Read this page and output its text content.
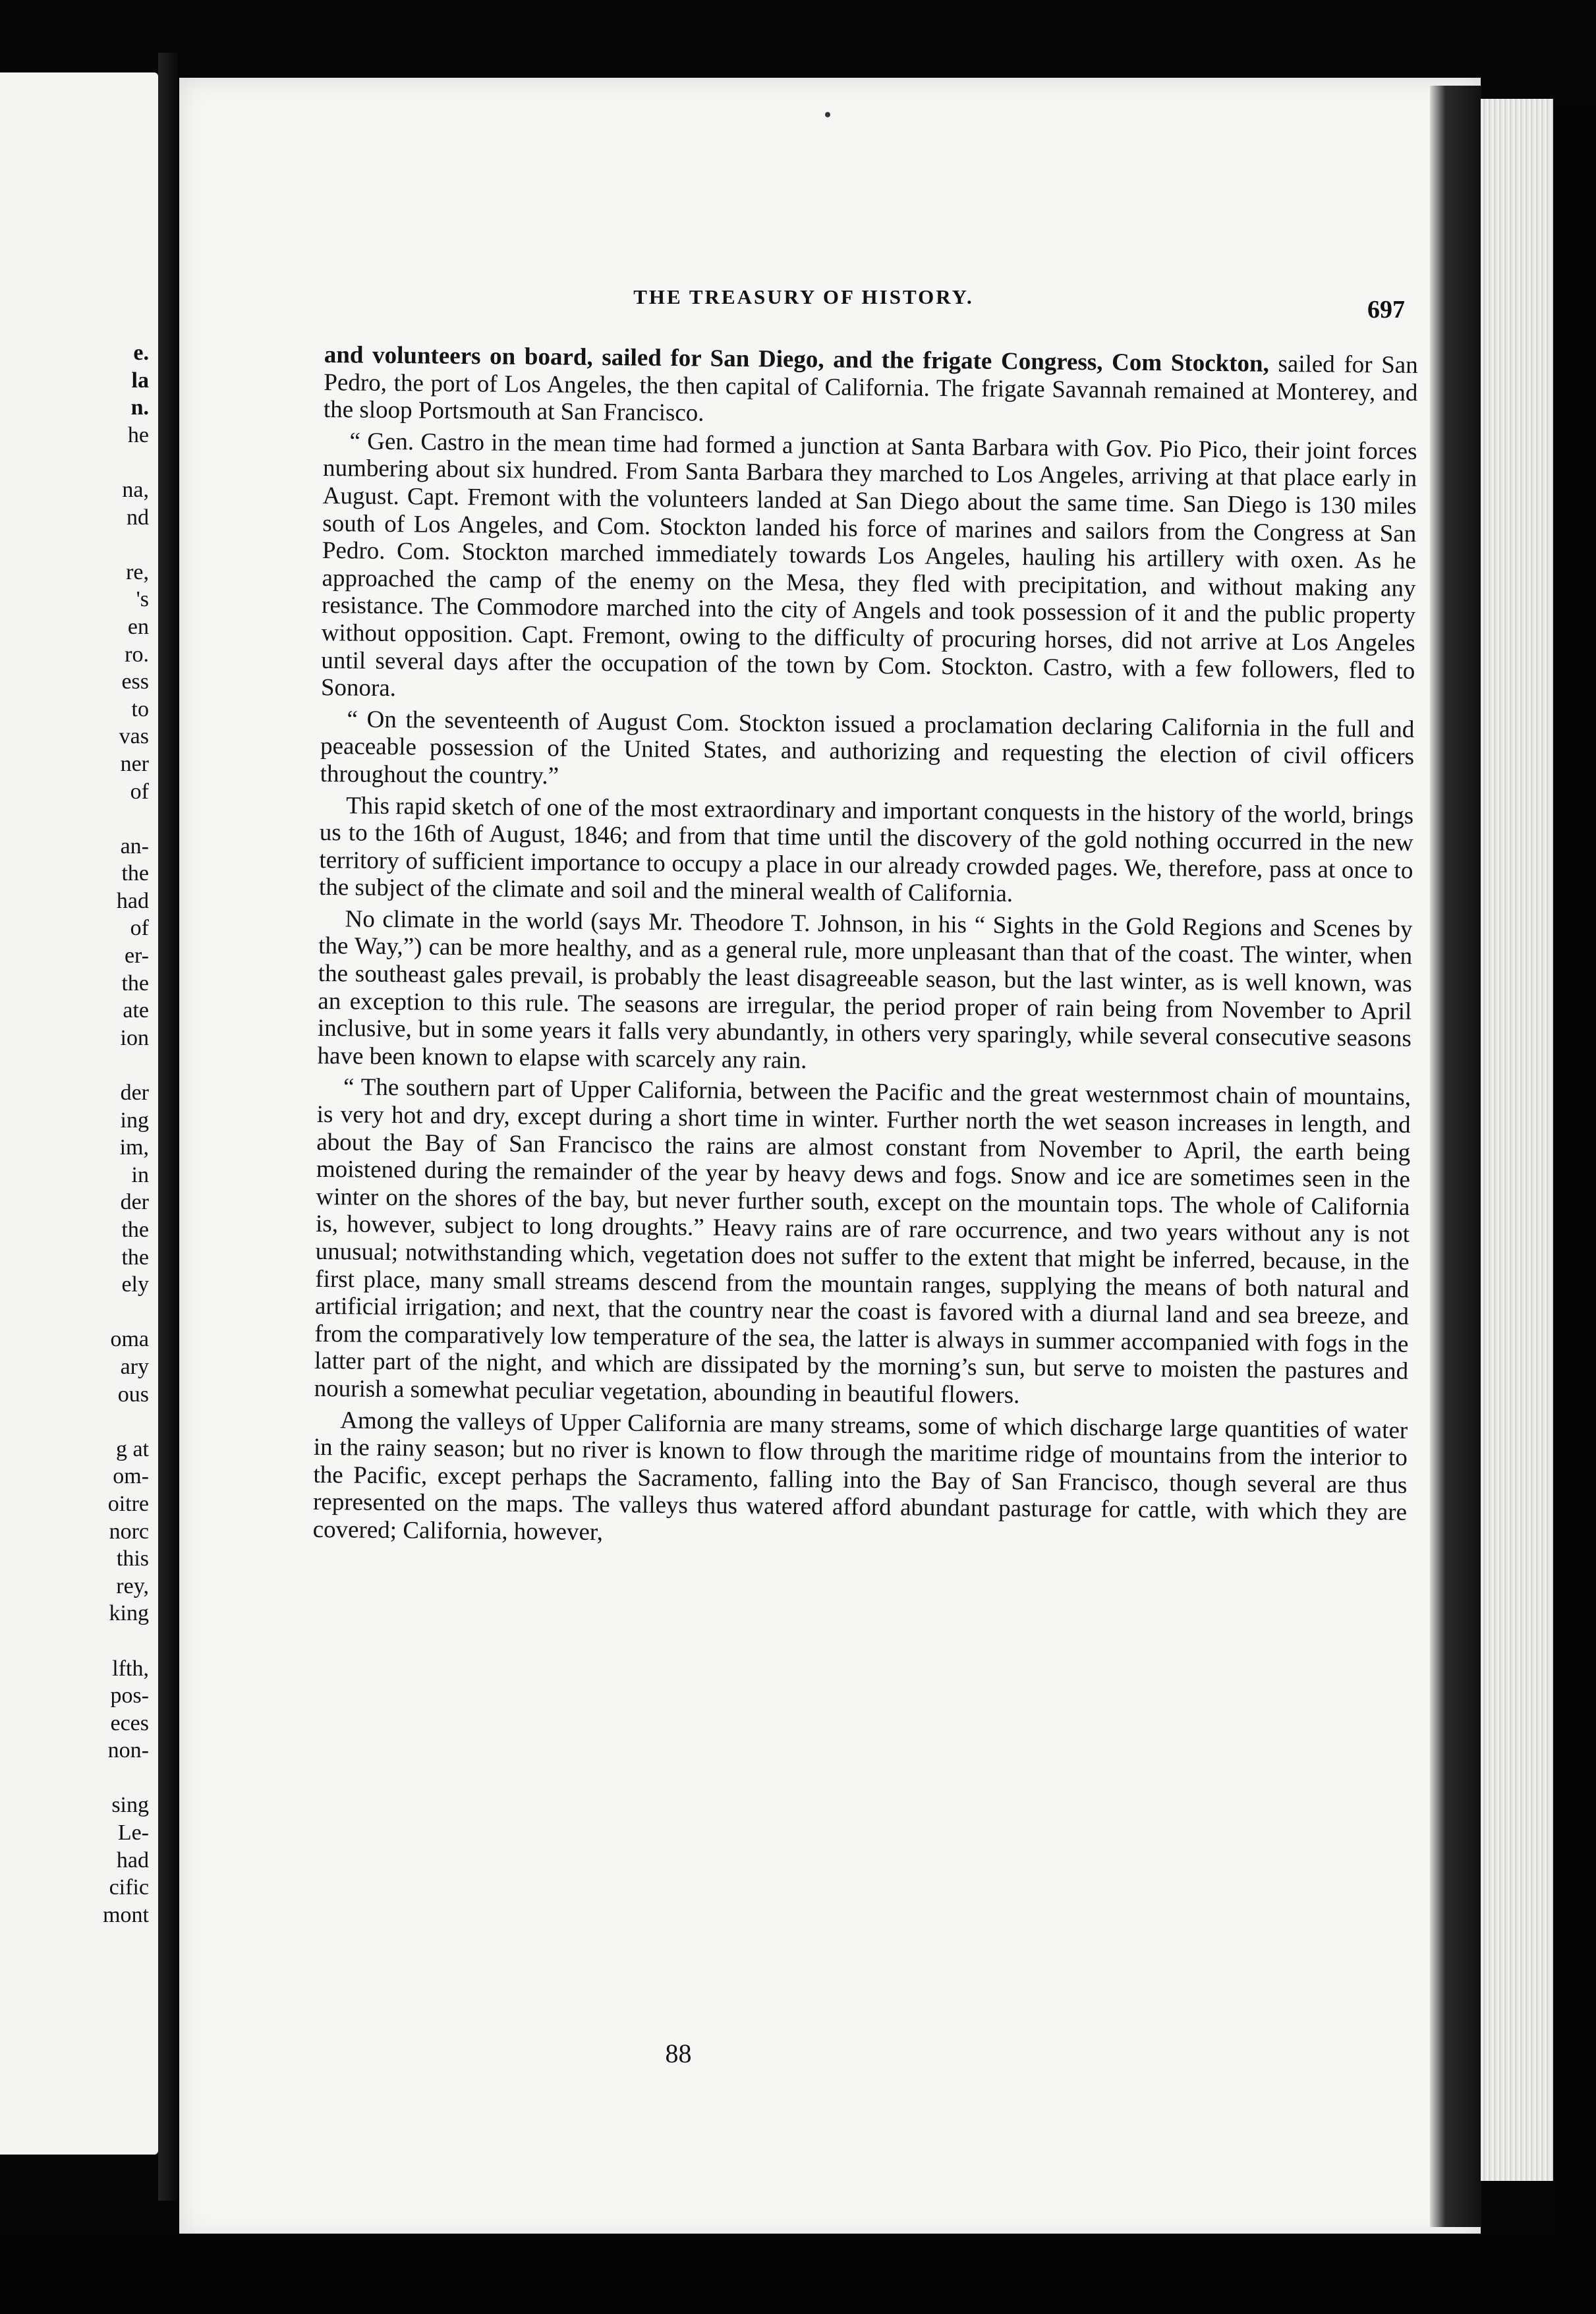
e.
la
n.
he
na,
nd
re,
's
en
ro.
ess
to
vas
ner
of
an-
the
had
of
er-
the
ate
ion
der
ing
im,
in
der
the
the
ely
oma
ary
ous
g at
om-
oitre
norc
this
rey,
king
lfth,
pos-
eces
non-
sing
Le-
had
cific
mont
THE TREASURY OF HISTORY.	697

and volunteers on board, sailed for San Diego, and the frigate Congress, Com Stockton, sailed for San Pedro, the port of Los Angeles, the then capital of California. The frigate Savannah remained at Monterey, and the sloop Portsmouth at San Francisco.

“ Gen. Castro in the mean time had formed a junction at Santa Barbara with Gov. Pio Pico, their joint forces numbering about six hundred. From Santa Barbara they marched to Los Angeles, arriving at that place early in August. Capt. Fremont with the volunteers landed at San Diego about the same time. San Diego is 130 miles south of Los Angeles, and Com. Stockton landed his force of marines and sailors from the Congress at San Pedro. Com. Stockton marched immediately towards Los Angeles, hauling his artillery with oxen. As he approached the camp of the enemy on the Mesa, they fled with precipitation, and without making any resistance. The Commodore marched into the city of Angels and took possession of it and the public property without opposition. Capt. Fremont, owing to the difficulty of procuring horses, did not arrive at Los Angeles until several days after the occupation of the town by Com. Stockton. Castro, with a few followers, fled to Sonora.

“ On the seventeenth of August Com. Stockton issued a proclamation declaring California in the full and peaceable possession of the United States, and authorizing and requesting the election of civil officers throughout the country.”

This rapid sketch of one of the most extraordinary and important conquests in the history of the world, brings us to the 16th of August, 1846; and from that time until the discovery of the gold nothing occurred in the new territory of sufficient importance to occupy a place in our already crowded pages. We, therefore, pass at once to the subject of the climate and soil and the mineral wealth of California.

No climate in the world (says Mr. Theodore T. Johnson, in his “ Sights in the Gold Regions and Scenes by the Way,”) can be more healthy, and as a general rule, more unpleasant than that of the coast. The winter, when the southeast gales prevail, is probably the least disagreeable season, but the last winter, as is well known, was an exception to this rule. The seasons are irregular, the period proper of rain being from November to April inclusive, but in some years it falls very abundantly, in others very sparingly, while several consecutive seasons have been known to elapse with scarcely any rain.

“ The southern part of Upper California, between the Pacific and the great westernmost chain of mountains, is very hot and dry, except during a short time in winter. Further north the wet season increases in length, and about the Bay of San Francisco the rains are almost constant from November to April, the earth being moistened during the remainder of the year by heavy dews and fogs. Snow and ice are sometimes seen in the winter on the shores of the bay, but never further south, except on the mountain tops. The whole of California is, however, subject to long droughts.” Heavy rains are of rare occurrence, and two years without any is not unusual; notwithstanding which, vegetation does not suffer to the extent that might be inferred, because, in the first place, many small streams descend from the mountain ranges, supplying the means of both natural and artificial irrigation; and next, that the country near the coast is favored with a diurnal land and sea breeze, and from the comparatively low temperature of the sea, the latter is always in summer accompanied with fogs in the latter part of the night, and which are dissipated by the morning’s sun, but serve to moisten the pastures and nourish a somewhat peculiar vegetation, abounding in beautiful flowers.

Among the valleys of Upper California are many streams, some of which discharge large quantities of water in the rainy season; but no river is known to flow through the maritime ridge of mountains from the interior to the Pacific, except perhaps the Sacramento, falling into the Bay of San Francisco, though several are thus represented on the maps. The valleys thus watered afford abundant pasturage for cattle, with which they are covered; California, however,

88
